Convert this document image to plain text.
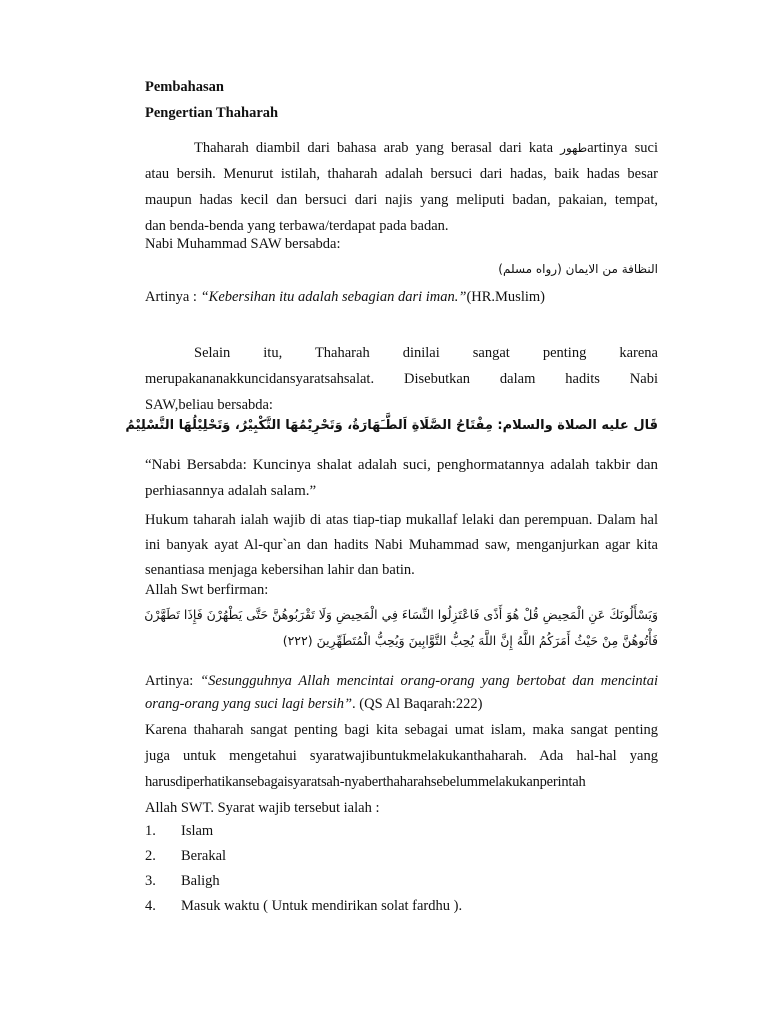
Pembahasan
Pengertian Thaharah
Thaharah diambil dari bahasa arab yang berasal dari kata طهورartinya suci
atau bersih. Menurut istilah, thaharah adalah bersuci dari hadas, baik hadas besar
maupun hadas kecil dan bersuci dari najis yang meliputi badan, pakaian, tempat,
dan benda-benda yang terbawa/terdapat pada badan.
Nabi Muhammad SAW bersabda:
النظافة من الايمان (رواه مسلم)
Artinya : “Kebersihan itu adalah sebagian dari iman.”(HR.Muslim)
Selain itu, Thaharah dinilai sangat penting karena
merupakananakkuncidansyaratsahsalat. Disebutkan dalam hadits Nabi
SAW,beliau bersabda:
قَال عليه الصلاة والسلام: مِفْتَاحُ الصَّلَاةِ اَلطَّـَهَارَةُ، وَتَحْرِيْمُهَا التَّكْبِيْرُ، وَتَحْلِيْلُهَا التَّسْلِيْمُ
“Nabi Bersabda: Kuncinya shalat adalah suci, penghormatannya adalah takbir dan perhiasannya adalah salam.”
Hukum taharah ialah wajib di atas tiap-tiap mukallaf lelaki dan perempuan. Dalam hal ini banyak ayat Al-qur`an dan hadits Nabi Muhammad saw, menganjurkan agar kita senantiasa menjaga kebersihan lahir dan batin.
Allah Swt berfirman:
وَيَسْأَلُونَكَ عَنِ الْمَحِيضِ قُلْ هُوَ أَذًى فَاعْتَزِلُوا النِّسَاءَ فِي الْمَحِيضِ وَلَا تَقْرَبُوهُنَّ حَتَّى يَطْهُرْنَ فَإِذَا تَطَهَّرْنَ
فَأْتُوهُنَّ مِنْ حَيْثُ أَمَرَكُمُ اللَّهُ إِنَّ اللَّهَ يُحِبُّ التَّوَّابِينَ وَيُحِبُّ الْمُتَطَهِّرِينَ (٢٢٢)
Artinya: “Sesungguhnya Allah mencintai orang-orang yang bertobat dan mencintai orang-orang yang suci lagi bersih”. (QS Al Baqarah:222)
Karena thaharah sangat penting bagi kita sebagai umat islam, maka sangat penting
juga untuk mengetahui syaratwajibuntukmelakukanthaharah. Ada hal-hal yang
harusdiperhatikansebagaisyaratsah-nyaberthaharahsebelummelakukanperintah
Allah SWT. Syarat wajib tersebut ialah :
1. Islam
2. Berakal
3. Baligh
4. Masuk waktu ( Untuk mendirikan solat fardhu ).
